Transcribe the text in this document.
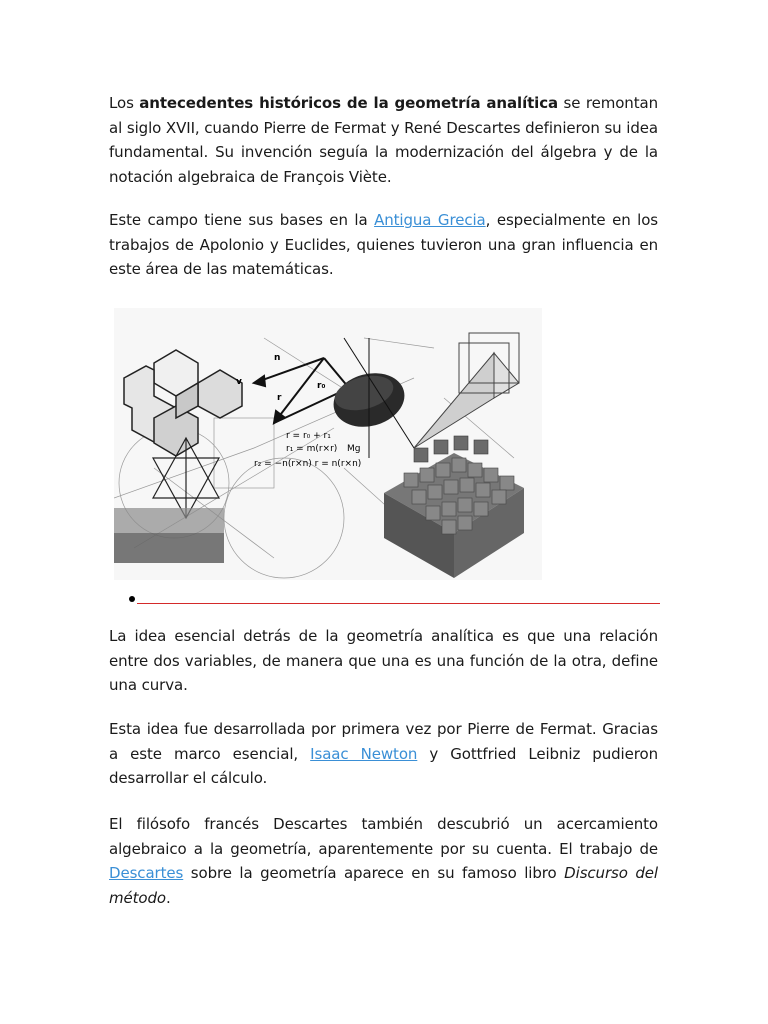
Los antecedentes históricos de la geometría analítica se remontan al siglo XVII, cuando Pierre de Fermat y René Descartes definieron su idea fundamental. Su invención seguía la modernización del álgebra y de la notación algebraica de François Viète.

Este campo tiene sus bases en la Antigua Grecia, especialmente en los trabajos de Apolonio y Euclides, quienes tuvieron una gran influencia en este área de las matemáticas.

n
v
r
r₀
r = r₀ + r₁
r₁ = m(r×r)
r₂ = −n(r×n) r = n(r×n)
Mg

La idea esencial detrás de la geometría analítica es que una relación entre dos variables, de manera que una es una función de la otra, define una curva.

Esta idea fue desarrollada por primera vez por Pierre de Fermat. Gracias a este marco esencial, Isaac Newton y Gottfried Leibniz pudieron desarrollar el cálculo.

El filósofo francés Descartes también descubrió un acercamiento algebraico a la geometría, aparentemente por su cuenta. El trabajo de Descartes sobre la geometría aparece en su famoso libro Discurso del método.
